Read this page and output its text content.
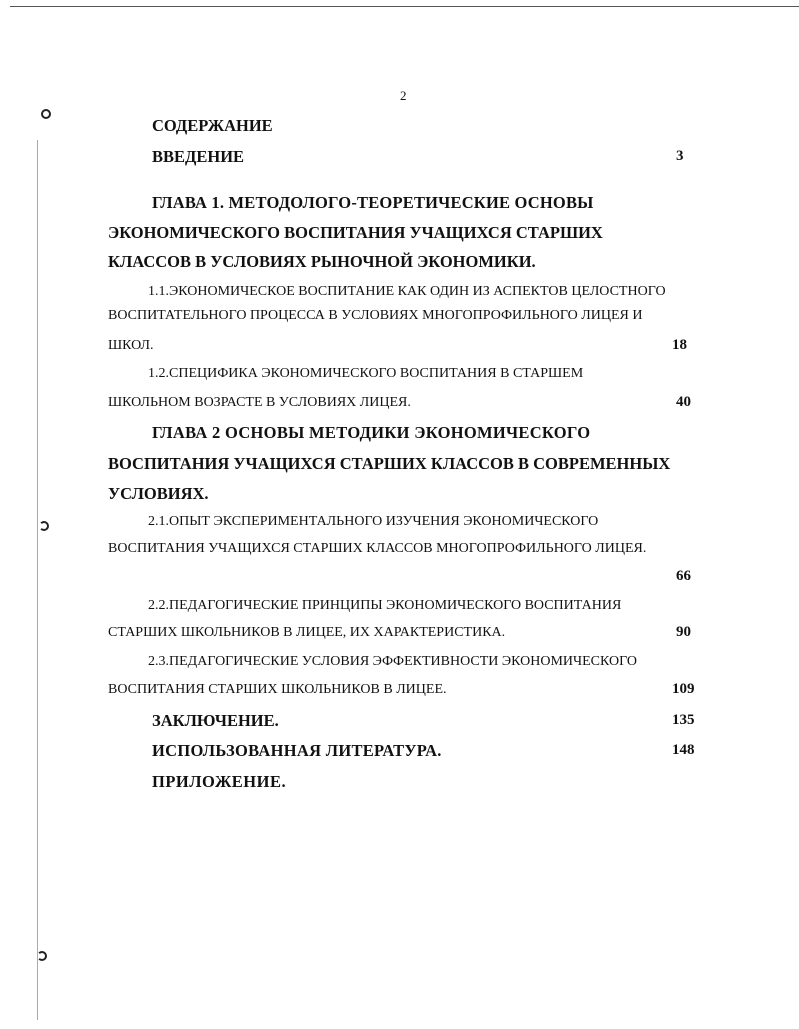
2
СОДЕРЖАНИЕ
ВВЕДЕНИЕ	3
ГЛАВА 1. МЕТОДОЛОГО-ТЕОРЕТИЧЕСКИЕ ОСНОВЫ
ЭКОНОМИЧЕСКОГО ВОСПИТАНИЯ УЧАЩИХСЯ СТАРШИХ
КЛАССОВ В УСЛОВИЯХ РЫНОЧНОЙ ЭКОНОМИКИ.
1.1.ЭКОНОМИЧЕСКОЕ ВОСПИТАНИЕ КАК ОДИН ИЗ АСПЕКТОВ ЦЕЛОСТНОГО
ВОСПИТАТЕЛЬНОГО ПРОЦЕССА В УСЛОВИЯХ МНОГОПРОФИЛЬНОГО ЛИЦЕЯ И
ШКОЛ.	18
1.2.СПЕЦИФИКА ЭКОНОМИЧЕСКОГО ВОСПИТАНИЯ В СТАРШЕМ
ШКОЛЬНОМ ВОЗРАСТЕ В УСЛОВИЯХ ЛИЦЕЯ.	40
ГЛАВА 2 ОСНОВЫ МЕТОДИКИ ЭКОНОМИЧЕСКОГО
ВОСПИТАНИЯ УЧАЩИХСЯ СТАРШИХ КЛАССОВ В СОВРЕМЕННЫХ
УСЛОВИЯХ.
2.1.ОПЫТ ЭКСПЕРИМЕНТАЛЬНОГО ИЗУЧЕНИЯ ЭКОНОМИЧЕСКОГО
ВОСПИТАНИЯ УЧАЩИХСЯ СТАРШИХ КЛАССОВ МНОГОПРОФИЛЬНОГО ЛИЦЕЯ.
66
2.2.ПЕДАГОГИЧЕСКИЕ ПРИНЦИПЫ ЭКОНОМИЧЕСКОГО ВОСПИТАНИЯ
СТАРШИХ ШКОЛЬНИКОВ В ЛИЦЕЕ, ИХ ХАРАКТЕРИСТИКА.	90
2.3.ПЕДАГОГИЧЕСКИЕ УСЛОВИЯ ЭФФЕКТИВНОСТИ ЭКОНОМИЧЕСКОГО
ВОСПИТАНИЯ СТАРШИХ ШКОЛЬНИКОВ В ЛИЦЕЕ.	109
ЗАКЛЮЧЕНИЕ.	135
ИСПОЛЬЗОВАННАЯ ЛИТЕРАТУРА.	148
ПРИЛОЖЕНИЕ.
